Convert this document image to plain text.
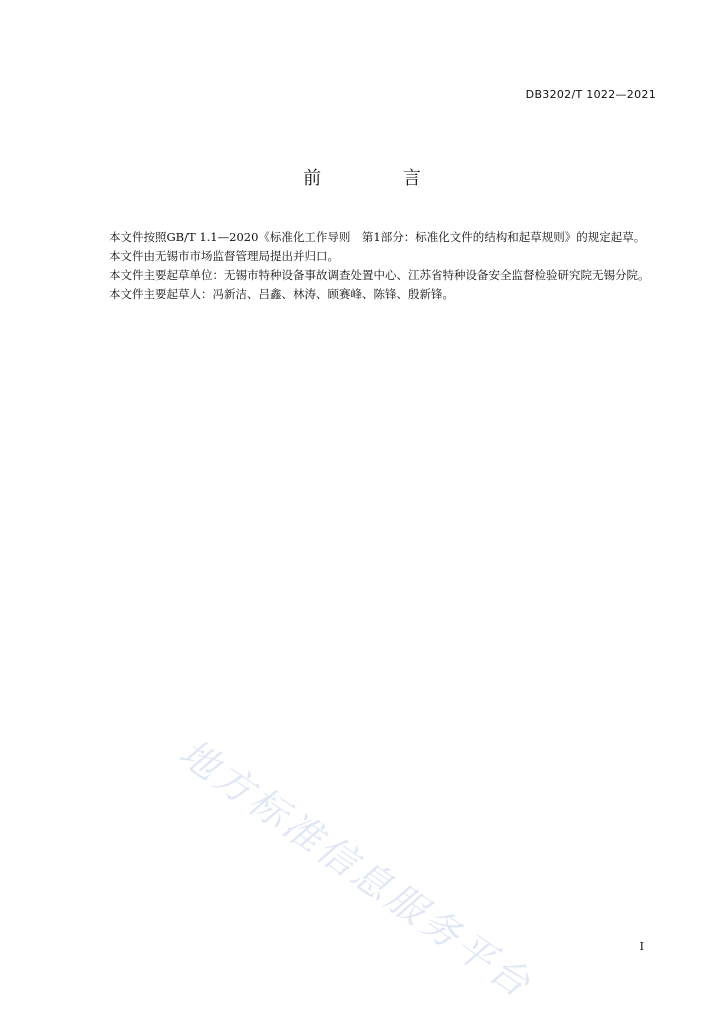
DB3202/T 1022—2021
前 言

本文件按照GB/T 1.1—2020《标准化工作导则　第1部分：标准化文件的结构和起草规则》的规定起草。

本文件由无锡市市场监督管理局提出并归口。

本文件主要起草单位：无锡市特种设备事故调查处置中心、江苏省特种设备安全监督检验研究院无锡分院。

本文件主要起草人：冯新洁、吕鑫、林涛、顾赛峰、陈锋、殷新锋。

地方标准信息服务平台	I
